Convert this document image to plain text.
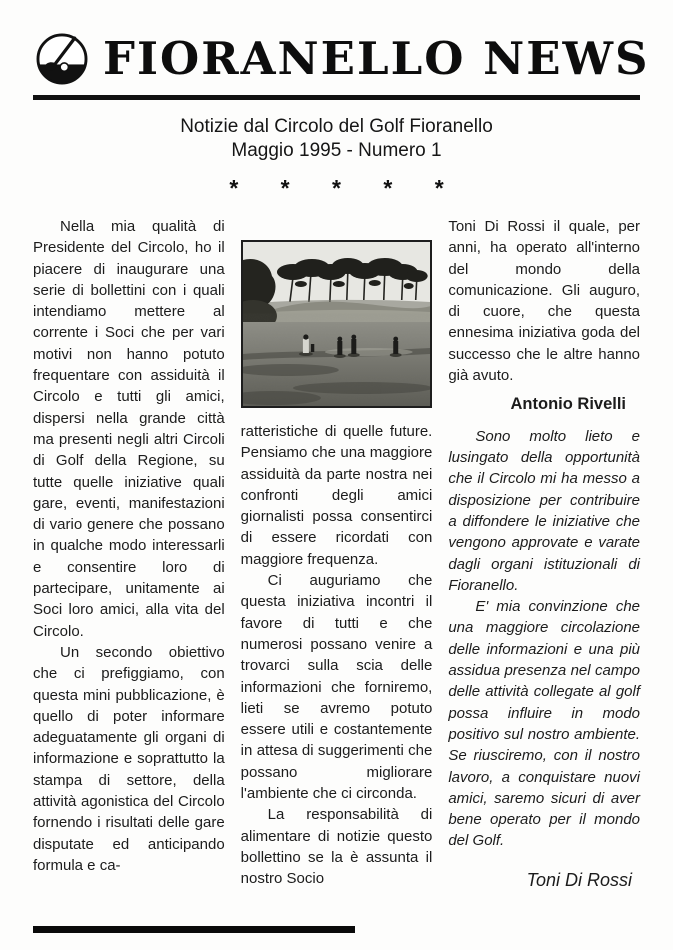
FIORANELLO NEWS
Notizie dal Circolo del Golf Fioranello
Maggio 1995 - Numero 1
* * * * *

Nella mia qualità di Presidente del Circolo, ho il piacere di inaugurare una serie di bollettini con i quali intendiamo mettere al corrente i Soci che per vari motivi non hanno potuto frequentare con assiduità il Circolo e tutti gli amici, dispersi nella grande città ma presenti negli altri Circoli di Golf della Regione, su tutte quelle iniziative quali gare, eventi, manifestazioni di vario genere che possano in qualche modo interessarli e consentire loro di partecipare, unitamente ai Soci loro amici, alla vita del Circolo.

Un secondo obiettivo che ci prefiggiamo, con questa mini pubblicazione, è quello di poter informare adeguatamente gli organi di informazione e soprattutto la stampa di settore, della attività agonistica del Circolo fornendo i risultati delle gare disputate ed anticipando formula e ca-

ratteristiche di quelle future. Pensiamo che una maggiore assiduità da parte nostra nei confronti degli amici giornalisti possa consentirci di essere ricordati con maggiore frequenza.

Ci auguriamo che questa iniziativa incontri il favore di tutti e che numerosi possano venire a trovarci sulla scia delle informazioni che forniremo, lieti se avremo potuto essere utili e costantemente in attesa di suggerimenti che possano migliorare l'ambiente che ci circonda.

La responsabilità di alimentare di notizie questo bollettino se la è assunta il nostro Socio

Toni Di Rossi il quale, per anni, ha operato all'interno del mondo della comunicazione. Gli auguro, di cuore, che questa ennesima iniziativa goda del successo che le altre hanno già avuto.

Antonio Rivelli

Sono molto lieto e lusingato della opportunità che il Circolo mi ha messo a disposizione per contribuire a diffondere le iniziative che vengono approvate e varate dagli organi istituzionali di Fioranello.

E' mia convinzione che una maggiore circolazione delle informazioni e una più assidua presenza nel campo delle attività collegate al golf possa influire in modo positivo sul nostro ambiente. Se riusciremo, con il nostro lavoro, a conquistare nuovi amici, saremo sicuri di aver bene operato per il mondo del Golf.

Toni Di Rossi
